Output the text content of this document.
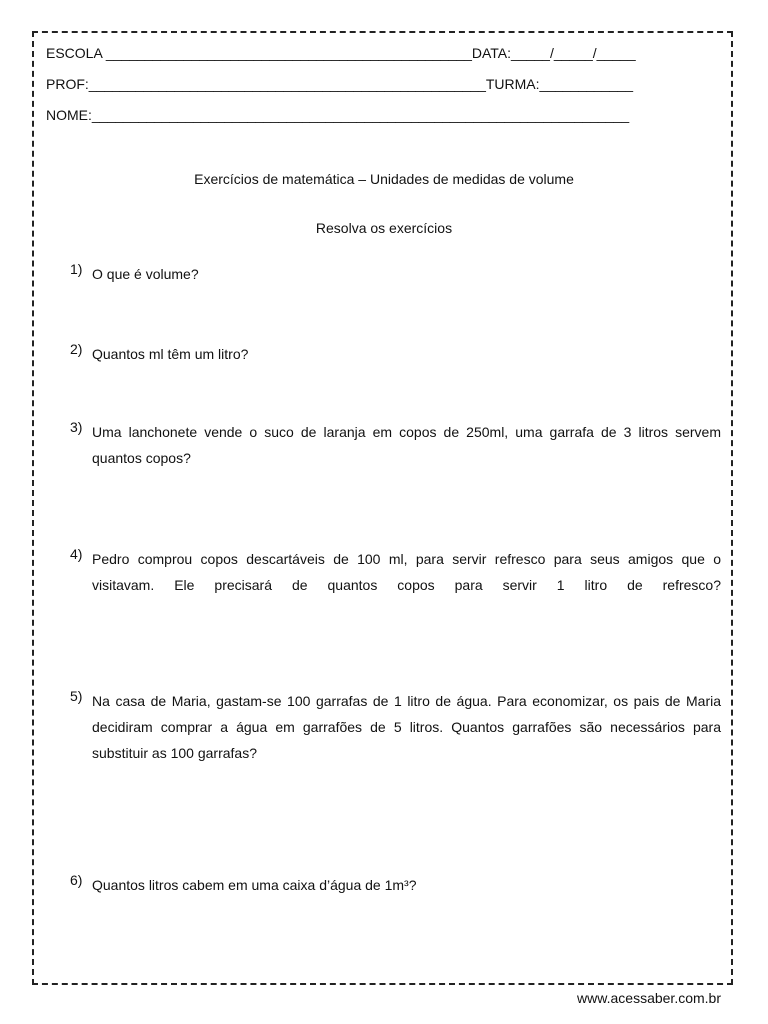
ESCOLA _______________________________________________DATA:_____/_____/_____
PROF:___________________________________________________TURMA:____________
NOME:_____________________________________________________________________
Exercícios de matemática – Unidades de medidas de volume
Resolva os exercícios
1) O que é volume?
2) Quantos ml têm um litro?
3) Uma lanchonete vende o suco de laranja em copos de 250ml, uma garrafa de 3 litros servem quantos copos?
4) Pedro comprou copos descartáveis de 100 ml, para servir refresco para seus amigos que o visitavam. Ele precisará de quantos copos para servir 1 litro de refresco?
5) Na casa de Maria, gastam-se 100 garrafas de 1 litro de água. Para economizar, os pais de Maria decidiram comprar a água em garrafões de 5 litros. Quantos garrafões são necessários para substituir as 100 garrafas?
6) Quantos litros cabem em uma caixa d’água de 1m³?
www.acessaber.com.br
